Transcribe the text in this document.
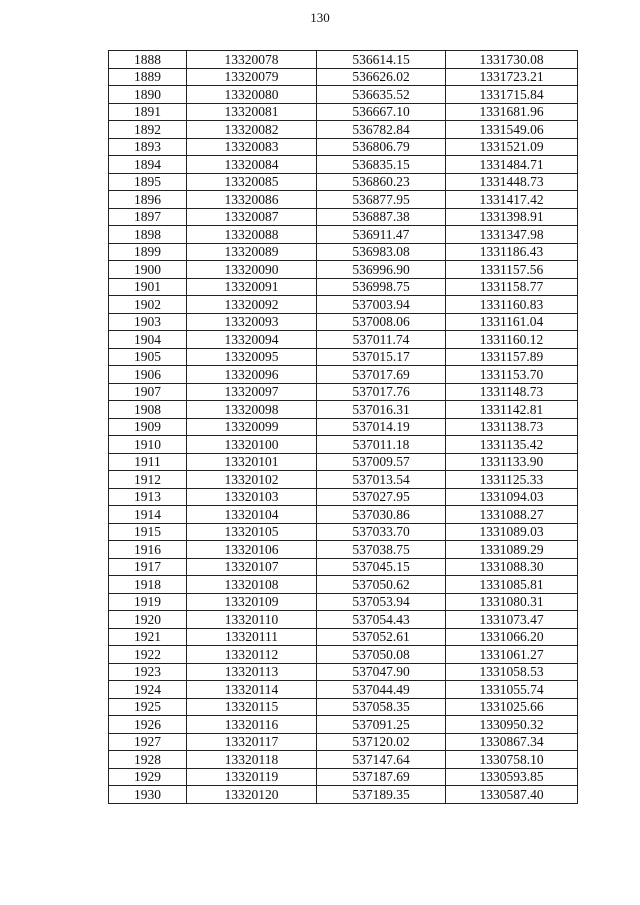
130
1888	13320078	536614.15	1331730.08
1889	13320079	536626.02	1331723.21
1890	13320080	536635.52	1331715.84
1891	13320081	536667.10	1331681.96
1892	13320082	536782.84	1331549.06
1893	13320083	536806.79	1331521.09
1894	13320084	536835.15	1331484.71
1895	13320085	536860.23	1331448.73
1896	13320086	536877.95	1331417.42
1897	13320087	536887.38	1331398.91
1898	13320088	536911.47	1331347.98
1899	13320089	536983.08	1331186.43
1900	13320090	536996.90	1331157.56
1901	13320091	536998.75	1331158.77
1902	13320092	537003.94	1331160.83
1903	13320093	537008.06	1331161.04
1904	13320094	537011.74	1331160.12
1905	13320095	537015.17	1331157.89
1906	13320096	537017.69	1331153.70
1907	13320097	537017.76	1331148.73
1908	13320098	537016.31	1331142.81
1909	13320099	537014.19	1331138.73
1910	13320100	537011.18	1331135.42
1911	13320101	537009.57	1331133.90
1912	13320102	537013.54	1331125.33
1913	13320103	537027.95	1331094.03
1914	13320104	537030.86	1331088.27
1915	13320105	537033.70	1331089.03
1916	13320106	537038.75	1331089.29
1917	13320107	537045.15	1331088.30
1918	13320108	537050.62	1331085.81
1919	13320109	537053.94	1331080.31
1920	13320110	537054.43	1331073.47
1921	13320111	537052.61	1331066.20
1922	13320112	537050.08	1331061.27
1923	13320113	537047.90	1331058.53
1924	13320114	537044.49	1331055.74
1925	13320115	537058.35	1331025.66
1926	13320116	537091.25	1330950.32
1927	13320117	537120.02	1330867.34
1928	13320118	537147.64	1330758.10
1929	13320119	537187.69	1330593.85
1930	13320120	537189.35	1330587.40
